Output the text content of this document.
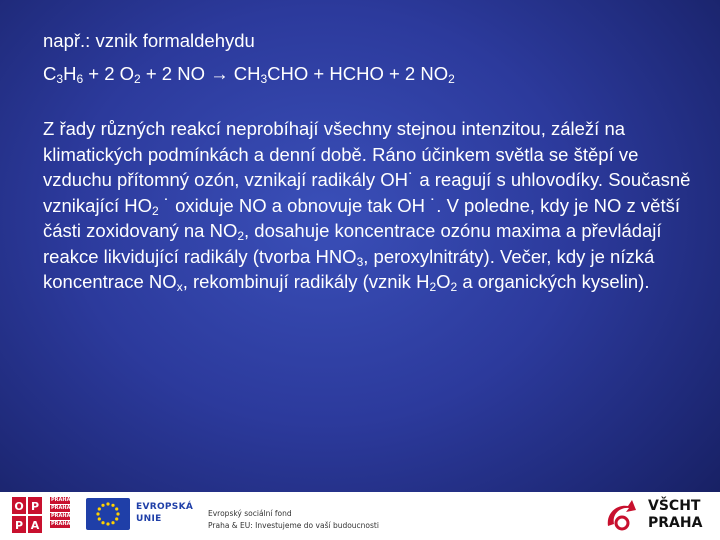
např.: vznik formaldehydu

$C_3H_6 + 2$ $O_2 + 2$ NO → $CH_3CHO$ + HCHO + 2 $NO_2$

Z řady různých reakcí neprobíhají všechny stejnou intenzitou, záleží na klimatických podmínkách a denní době. Ráno účinkem světla se štěpí ve vzduchu přítomný ozón, vznikají radikály OH˙ a reagují s uhlovodíky. Současně vznikající $HO_2$ ˙ oxiduje NO a obnovuje tak OH ˙. V poledne, kdy je NO z větší části zoxidovaný na $NO_2$, dosahuje koncentrace ozónu maxima a převládají reakce likvidující radikály (tvorba $HNO_3$, peroxylnitráty). Večer, kdy je nízká koncentrace $NO_x$, rekombinují radikály (vznik $H_2O_2$ a organických kyselin).

O P
P A
PRAHA
PRAHA
PRAHA
PRAHA
EVROPSKÁ
UNIE
Evropský sociální fond
Praha & EU: Investujeme do vaší budoucnosti
VŠCHT
PRAHA
